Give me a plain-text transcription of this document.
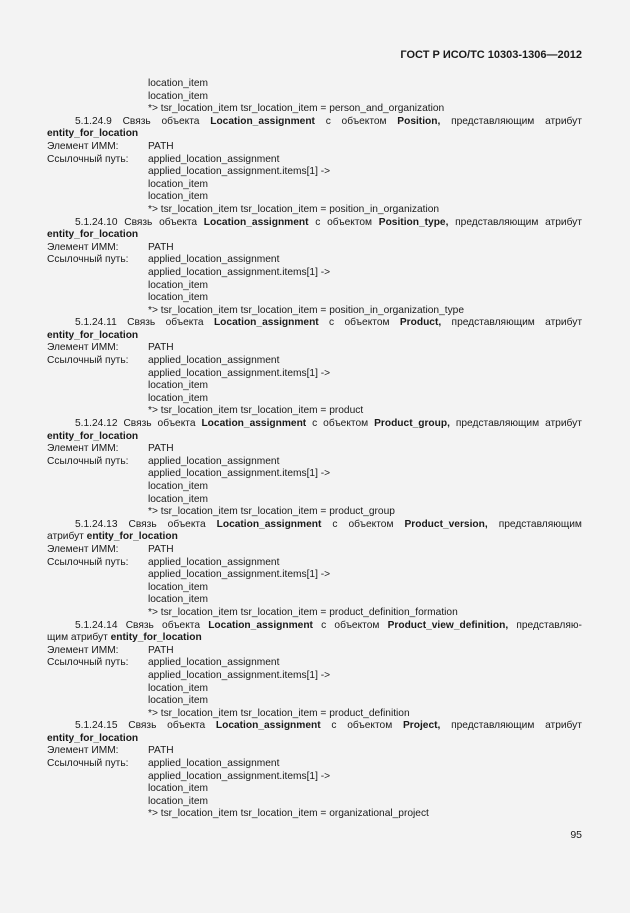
ГОСТ Р ИСО/ТС 10303-1306—2012
location_item
location_item
*> tsr_location_item tsr_location_item = person_and_organization
5.1.24.9 Связь объекта Location_assignment с объектом Position, представляющим атрибут
entity_for_location
Элемент ИММ:	PATH
Ссылочный путь: applied_location_assignment
applied_location_assignment.items[1] ->
location_item
location_item
*> tsr_location_item tsr_location_item = position_in_organization
5.1.24.10 Связь объекта Location_assignment с объектом Position_type, представляющим атрибут
entity_for_location
Элемент ИММ:	PATH
Ссылочный путь: applied_location_assignment
applied_location_assignment.items[1] ->
location_item
location_item
*> tsr_location_item tsr_location_item = position_in_organization_type
5.1.24.11 Связь объекта Location_assignment с объектом Product, представляющим атрибут
entity_for_location
Элемент ИММ:	PATH
Ссылочный путь: applied_location_assignment
applied_location_assignment.items[1] ->
location_item
location_item
*> tsr_location_item tsr_location_item = product
5.1.24.12 Связь объекта Location_assignment с объектом Product_group, представляющим атрибут
entity_for_location
Элемент ИММ:	PATH
Ссылочный путь: applied_location_assignment
applied_location_assignment.items[1] ->
location_item
location_item
*> tsr_location_item tsr_location_item = product_group
5.1.24.13 Связь объекта Location_assignment с объектом Product_version, представляющим
атрибут entity_for_location
Элемент ИММ:	PATH
Ссылочный путь: applied_location_assignment
applied_location_assignment.items[1] ->
location_item
location_item
*> tsr_location_item tsr_location_item = product_definition_formation
5.1.24.14 Связь объекта Location_assignment с объектом Product_view_definition, представляю-
щим атрибут entity_for_location
Элемент ИММ:	PATH
Ссылочный путь: applied_location_assignment
applied_location_assignment.items[1] ->
location_item
location_item
*> tsr_location_item tsr_location_item = product_definition
5.1.24.15 Связь объекта Location_assignment с объектом Project, представляющим атрибут
entity_for_location
Элемент ИММ:	PATH
Ссылочный путь: applied_location_assignment
applied_location_assignment.items[1] ->
location_item
location_item
*> tsr_location_item tsr_location_item = organizational_project
95
